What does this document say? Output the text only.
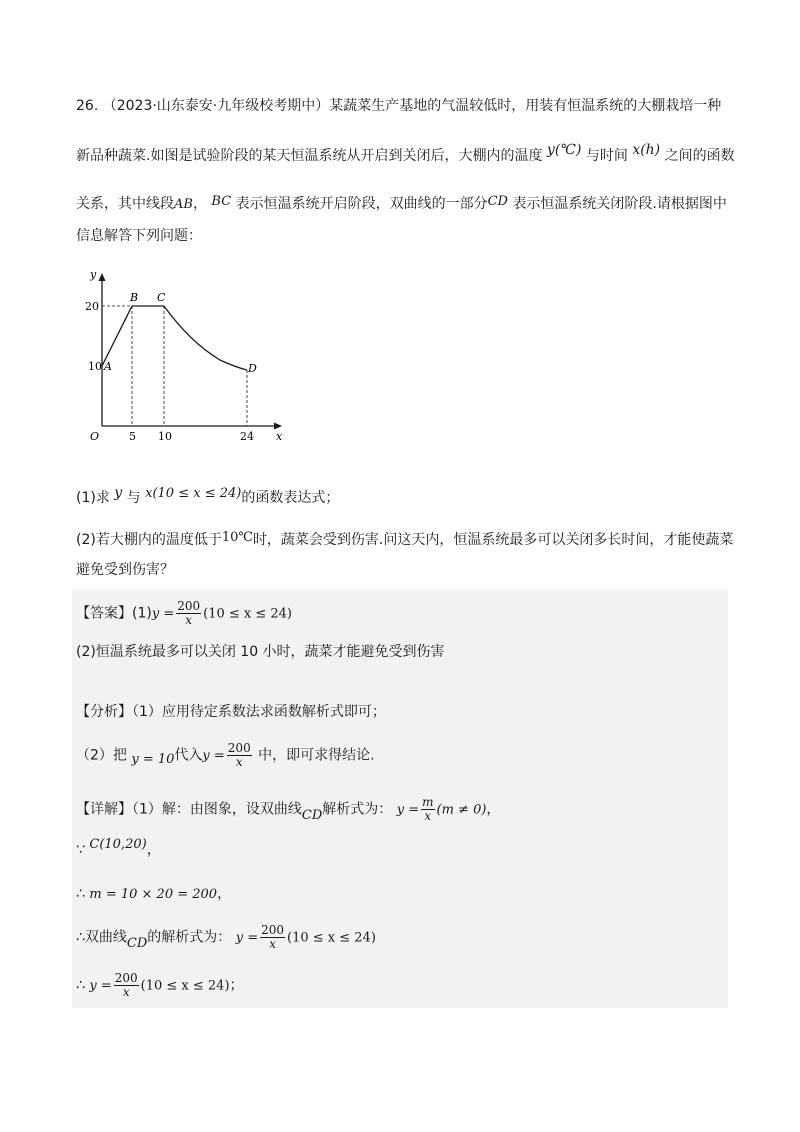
26. （2023·山东泰安·九年级校考期中）某蔬菜生产基地的气温较低时，用装有恒温系统的大棚栽培一种
新品种蔬菜.如图是试验阶段的某天恒温系统从开启到关闭后，大棚内的温度 y(℃) 与时间 x(h) 之间的函数
关系，其中线段AB， BC 表示恒温系统开启阶段，双曲线的一部分CD 表示恒温系统关闭阶段.请根据图中
信息解答下列问题：
y
x
O
20
10
5 10	24
A
B C
D
(1)求 y 与 x(10 ≤ x ≤ 24)的函数表达式；
(2)若大棚内的温度低于10℃时，蔬菜会受到伤害.问这天内，恒温系统最多可以关闭多长时间，才能使蔬菜
避免受到伤害？
【答案】$(1)y = \frac{200}{x} (10 \le x \le 24)$
(2)恒温系统最多可以关闭 10 小时，蔬菜才能避免受到伤害
【分析】（1）应用待定系数法求函数解析式即可；
（2）把 y = 10代入$y = \frac{200}{x}$ 中，即可求得结论.
【详解】（1）解：由图象，设双曲线CD解析式为： $y = \frac{m}{x} (m \ne 0)$，
∵ C(10,20)，
∴ m = 10 × 20 = 200，
∴双曲线CD的解析式为： $y = \frac{200}{x} (10 \le x \le 24)$
∴ $y = \frac{200}{x} (10 \le x \le 24)$；
